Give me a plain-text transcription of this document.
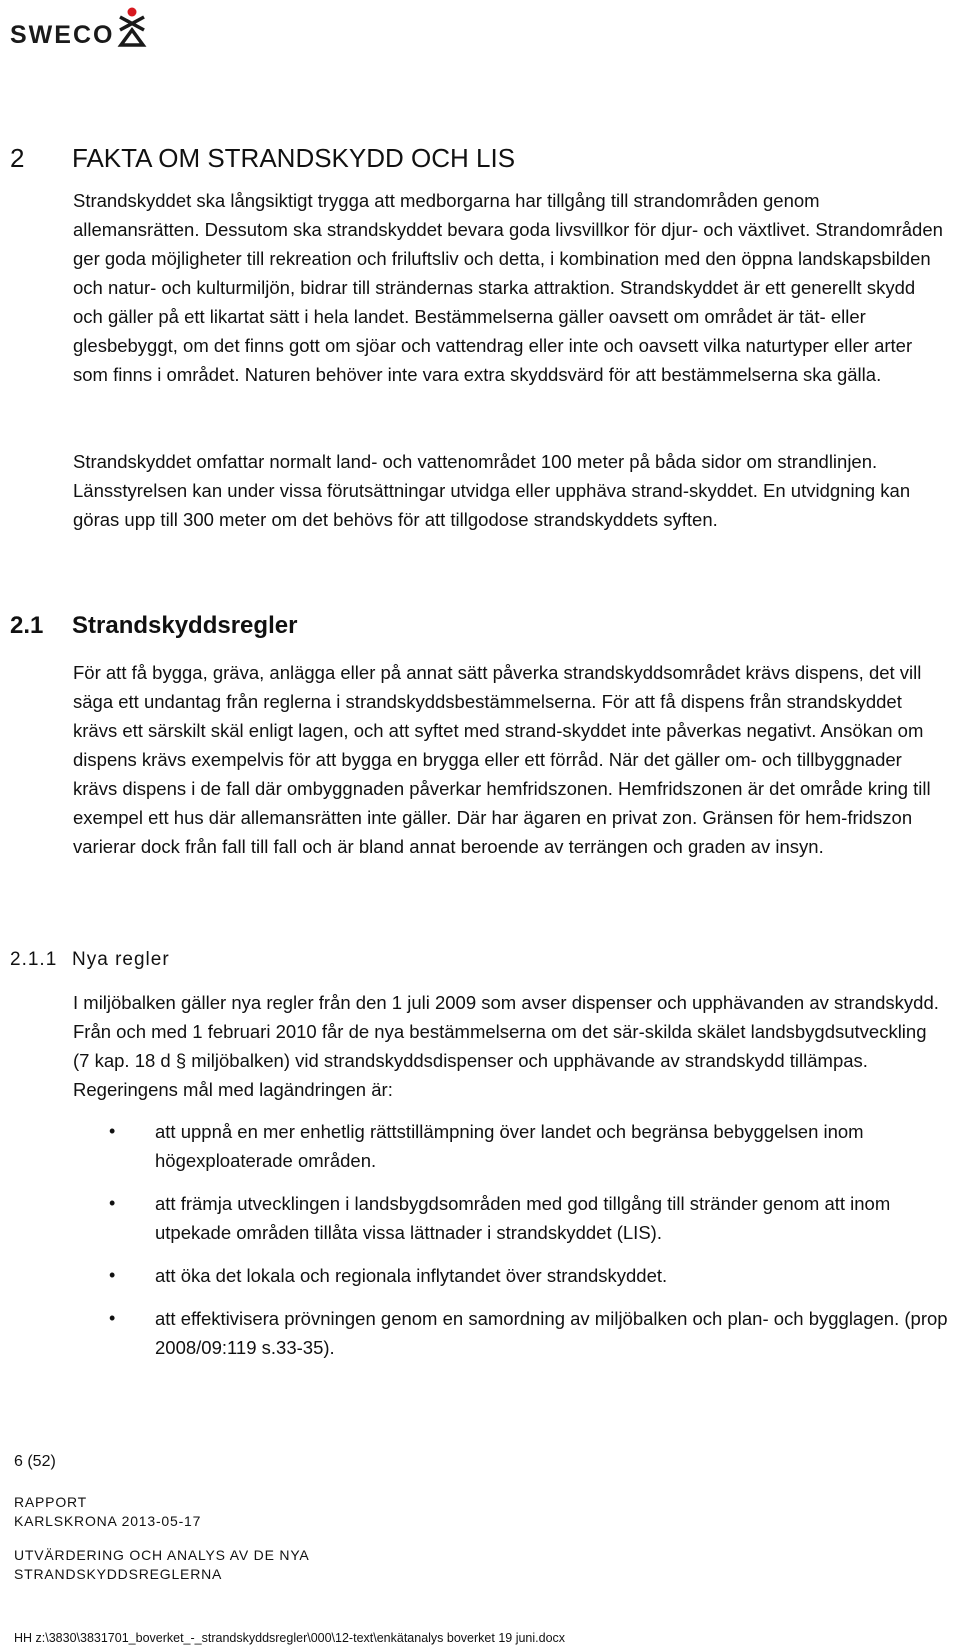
SWECO
2 FAKTA OM STRANDSKYDD OCH LIS

Strandskyddet ska långsiktigt trygga att medborgarna har tillgång till strandområden genom allemansrätten. Dessutom ska strandskyddet bevara goda livsvillkor för djur- och växtlivet. Strandområden ger goda möjligheter till rekreation och friluftsliv och detta, i kombination med den öppna landskapsbilden och natur- och kulturmiljön, bidrar till strändernas starka attraktion. Strandskyddet är ett generellt skydd och gäller på ett likartat sätt i hela landet. Bestämmelserna gäller oavsett om området är tät- eller glesbebyggt, om det finns gott om sjöar och vattendrag eller inte och oavsett vilka naturtyper eller arter som finns i området. Naturen behöver inte vara extra skyddsvärd för att bestämmelserna ska gälla.

Strandskyddet omfattar normalt land- och vattenområdet 100 meter på båda sidor om strandlinjen. Länsstyrelsen kan under vissa förutsättningar utvidga eller upphäva strand-skyddet. En utvidgning kan göras upp till 300 meter om det behövs för att tillgodose strandskyddets syften.

2.1 Strandskyddsregler

För att få bygga, gräva, anlägga eller på annat sätt påverka strandskyddsområdet krävs dispens, det vill säga ett undantag från reglerna i strandskyddsbestämmelserna. För att få dispens från strandskyddet krävs ett särskilt skäl enligt lagen, och att syftet med strand-skyddet inte påverkas negativt. Ansökan om dispens krävs exempelvis för att bygga en brygga eller ett förråd. När det gäller om- och tillbyggnader krävs dispens i de fall där ombyggnaden påverkar hemfridszonen. Hemfridszonen är det område kring till exempel ett hus där allemansrätten inte gäller. Där har ägaren en privat zon. Gränsen för hem-fridszon varierar dock från fall till fall och är bland annat beroende av terrängen och graden av insyn.

2.1.1 Nya regler

I miljöbalken gäller nya regler från den 1 juli 2009 som avser dispenser och upphävanden av strandskydd. Från och med 1 februari 2010 får de nya bestämmelserna om det sär-skilda skälet landsbygdsutveckling (7 kap. 18 d § miljöbalken) vid strandskyddsdispenser och upphävande av strandskydd tillämpas. Regeringens mål med lagändringen är:

• att uppnå en mer enhetlig rättstillämpning över landet och begränsa bebyggelsen inom högexploaterade områden.
• att främja utvecklingen i landsbygdsområden med god tillgång till stränder genom att inom utpekade områden tillåta vissa lättnader i strandskyddet (LIS).
• att öka det lokala och regionala inflytandet över strandskyddet.
• att effektivisera prövningen genom en samordning av miljöbalken och plan- och bygglagen. (prop 2008/09:119 s.33-35).
6 (52)
RAPPORT
KARLSKRONA 2013-05-17
UTVÄRDERING OCH ANALYS AV DE NYA
STRANDSKYDDSREGLERNA
HH z:\3830\3831701_boverket_-_strandskyddsregler\000\12-text\enkätanalys boverket 19 juni.docx
